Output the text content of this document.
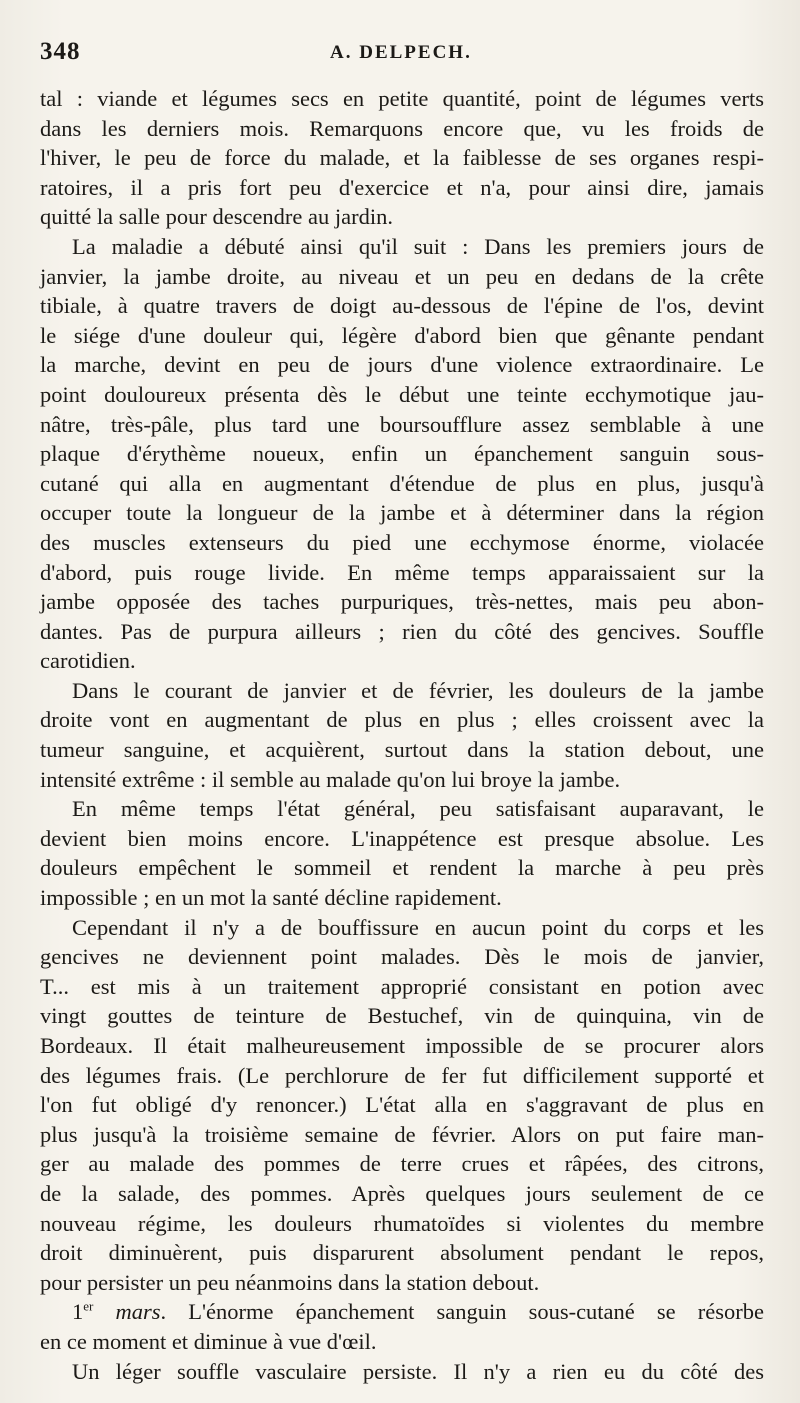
348	A. DELPECH.
tal : viande et légumes secs en petite quantité, point de légumes verts
dans les derniers mois. Remarquons encore que, vu les froids de
l'hiver, le peu de force du malade, et la faiblesse de ses organes respi-
ratoires, il a pris fort peu d'exercice et n'a, pour ainsi dire, jamais
quitté la salle pour descendre au jardin.
La maladie a débuté ainsi qu'il suit : Dans les premiers jours de
janvier, la jambe droite, au niveau et un peu en dedans de la crête
tibiale, à quatre travers de doigt au-dessous de l'épine de l'os, devint
le siége d'une douleur qui, légère d'abord bien que gênante pendant
la marche, devint en peu de jours d'une violence extraordinaire. Le
point douloureux présenta dès le début une teinte ecchymotique jau-
nâtre, très-pâle, plus tard une boursoufflure assez semblable à une
plaque d'érythème noueux, enfin un épanchement sanguin sous-
cutané qui alla en augmentant d'étendue de plus en plus, jusqu'à
occuper toute la longueur de la jambe et à déterminer dans la région
des muscles extenseurs du pied une ecchymose énorme, violacée
d'abord, puis rouge livide. En même temps apparaissaient sur la
jambe opposée des taches purpuriques, très-nettes, mais peu abon-
dantes. Pas de purpura ailleurs ; rien du côté des gencives. Souffle
carotidien.
Dans le courant de janvier et de février, les douleurs de la jambe
droite vont en augmentant de plus en plus ; elles croissent avec la
tumeur sanguine, et acquièrent, surtout dans la station debout, une
intensité extrême : il semble au malade qu'on lui broye la jambe.
En même temps l'état général, peu satisfaisant auparavant, le
devient bien moins encore. L'inappétence est presque absolue. Les
douleurs empêchent le sommeil et rendent la marche à peu près
impossible ; en un mot la santé décline rapidement.
Cependant il n'y a de bouffissure en aucun point du corps et les
gencives ne deviennent point malades. Dès le mois de janvier,
T... est mis à un traitement approprié consistant en potion avec
vingt gouttes de teinture de Bestuchef, vin de quinquina, vin de
Bordeaux. Il était malheureusement impossible de se procurer alors
des légumes frais. (Le perchlorure de fer fut difficilement supporté et
l'on fut obligé d'y renoncer.) L'état alla en s'aggravant de plus en
plus jusqu'à la troisième semaine de février. Alors on put faire man-
ger au malade des pommes de terre crues et râpées, des citrons,
de la salade, des pommes. Après quelques jours seulement de ce
nouveau régime, les douleurs rhumatoïdes si violentes du membre
droit diminuèrent, puis disparurent absolument pendant le repos,
pour persister un peu néanmoins dans la station debout.
1er mars. L'énorme épanchement sanguin sous-cutané se résorbe
en ce moment et diminue à vue d'œil.
Un léger souffle vasculaire persiste. Il n'y a rien eu du côté des
